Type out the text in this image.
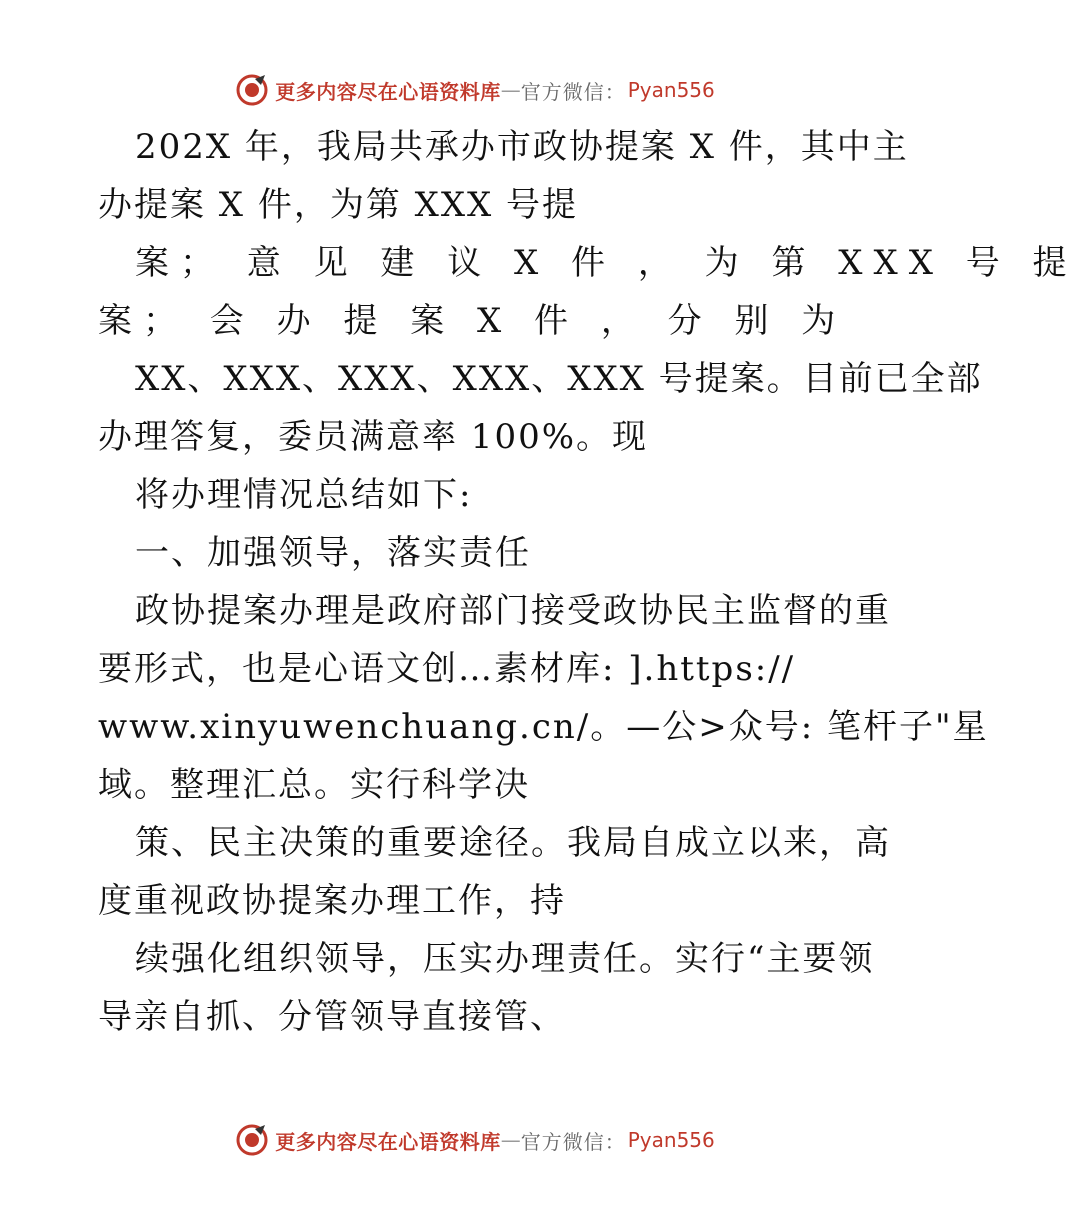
更多内容尽在心语资料库 — 官方微信： Pyan556
202X 年，我局共承办市政协提案 X 件，其中主
办提案 X 件，为第 XXX 号提
案； 意 见 建 议 X 件 ， 为 第 XXX 号 提
案； 会 办 提 案 X 件 ， 分 别 为
XX、XXX、XXX、XXX、XXX 号提案。目前已全部
办理答复，委员满意率 100%。现
将办理情况总结如下:
一、加强领导，落实责任
政协提案办理是政府部门接受政协民主监督的重
要形式，也是心语文创…素材库: ].https://
www.xinyuwenchuang.cn/。—公>众号: 笔杆子"星
域。整理汇总。实行科学决
策、民主决策的重要途径。我局自成立以来，高
度重视政协提案办理工作，持
续强化组织领导，压实办理责任。实行“主要领
导亲自抓、分管领导直接管、
更多内容尽在心语资料库 — 官方微信： Pyan556
